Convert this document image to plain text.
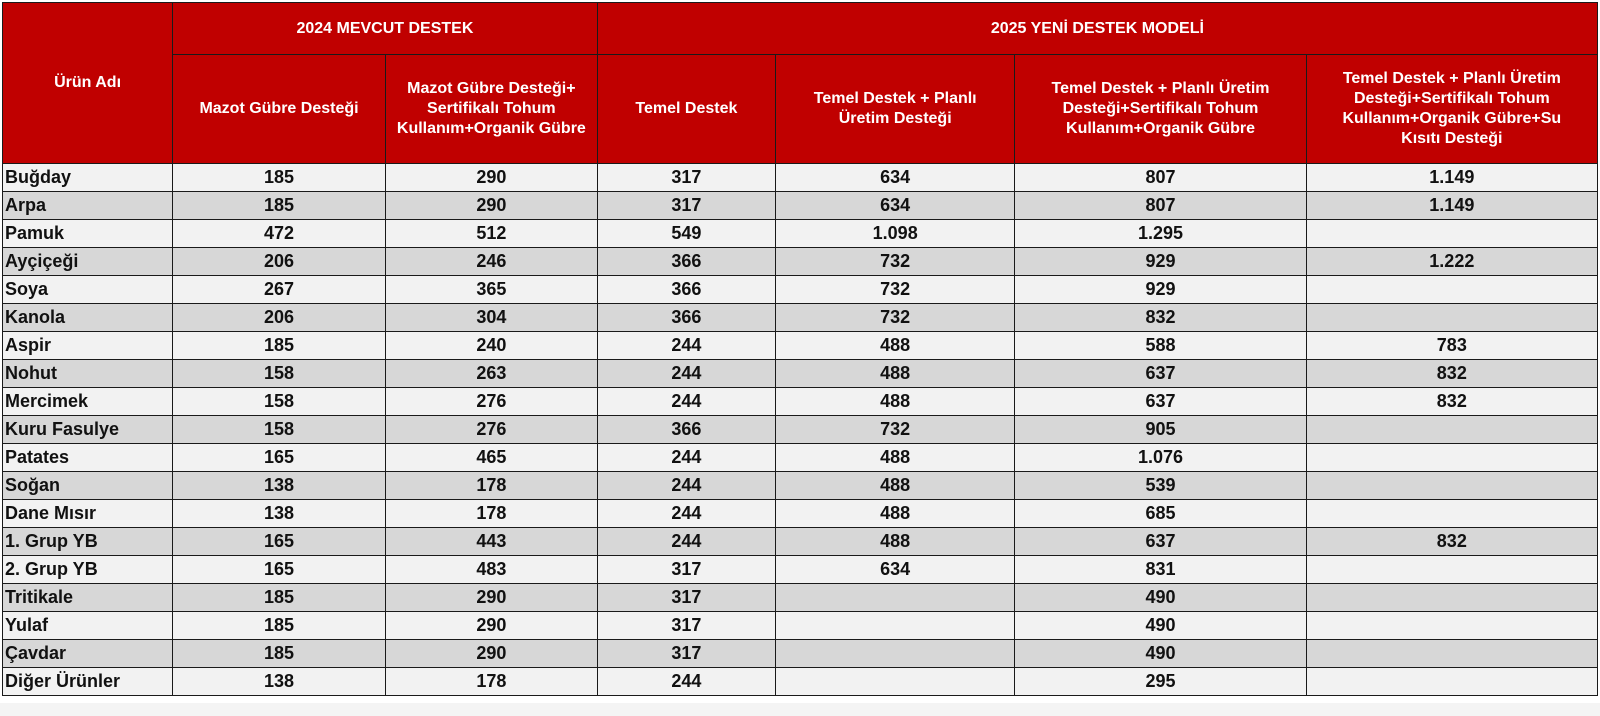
Ürün Adı	2024 MEVCUT DESTEK		2025 YENİ DESTEK MODELİ			
	Mazot Gübre Desteği	Mazot Gübre Desteği+ Sertifikalı Tohum Kullanım+Organik Gübre	Temel Destek	Temel Destek + Planlı Üretim Desteği	Temel Destek + Planlı Üretim Desteği+Sertifikalı Tohum Kullanım+Organik Gübre	Temel Destek + Planlı Üretim Desteği+Sertifikalı Tohum Kullanım+Organik Gübre+Su Kısıtı Desteği
Buğday	185	290	317	634	807	1.149
Arpa	185	290	317	634	807	1.149
Pamuk	472	512	549	1.098	1.295	
Ayçiçeği	206	246	366	732	929	1.222
Soya	267	365	366	732	929	
Kanola	206	304	366	732	832	
Aspir	185	240	244	488	588	783
Nohut	158	263	244	488	637	832
Mercimek	158	276	244	488	637	832
Kuru Fasulye	158	276	366	732	905	
Patates	165	465	244	488	1.076	
Soğan	138	178	244	488	539	
Dane Mısır	138	178	244	488	685	
1. Grup YB	165	443	244	488	637	832
2. Grup YB	165	483	317	634	831	
Tritikale	185	290	317		490	
Yulaf	185	290	317		490	
Çavdar	185	290	317		490	
Diğer Ürünler	138	178	244		295	
